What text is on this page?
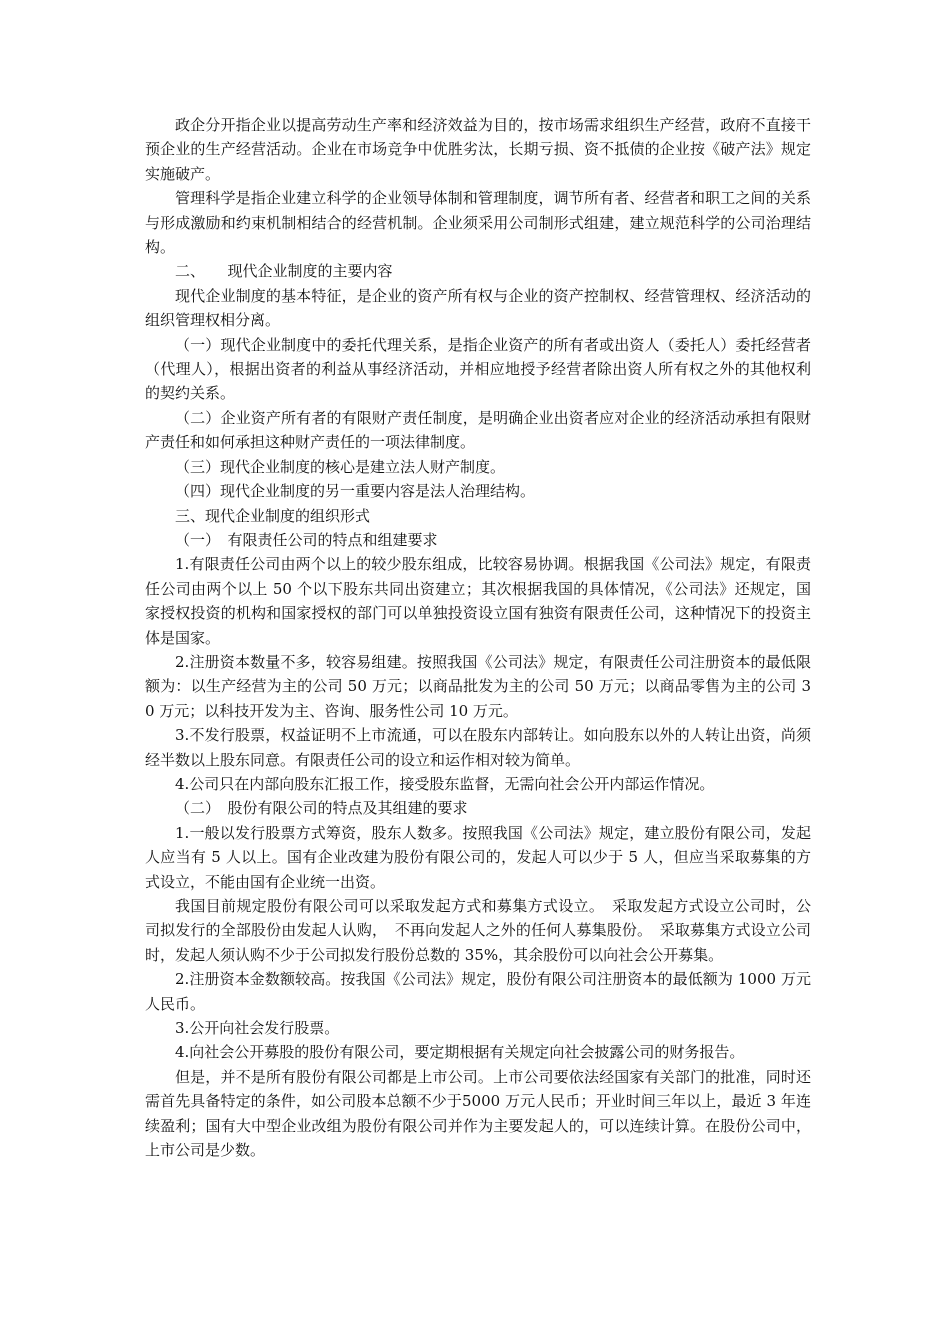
政企分开指企业以提高劳动生产率和经济效益为目的，按市场需求组织生产经营，政府不直接干预企业的生产经营活动。企业在市场竞争中优胜劣汰，长期亏损、资不抵债的企业按《破产法》规定实施破产。

管理科学是指企业建立科学的企业领导体制和管理制度，调节所有者、经营者和职工之间的关系与形成激励和约束机制相结合的经营机制。企业须采用公司制形式组建，建立规范科学的公司治理结构。

二、　　现代企业制度的主要内容

现代企业制度的基本特征，是企业的资产所有权与企业的资产控制权、经营管理权、经济活动的组织管理权相分离。

（一）现代企业制度中的委托代理关系，是指企业资产的所有者或出资人（委托人）委托经营者（代理人），根据出资者的利益从事经济活动，并相应地授予经营者除出资人所有权之外的其他权利的契约关系。

（二）企业资产所有者的有限财产责任制度，是明确企业出资者应对企业的经济活动承担有限财产责任和如何承担这种财产责任的一项法律制度。

（三）现代企业制度的核心是建立法人财产制度。

（四）现代企业制度的另一重要内容是法人治理结构。

三、现代企业制度的组织形式

（一）　有限责任公司的特点和组建要求

1.有限责任公司由两个以上的较少股东组成，比较容易协调。根据我国《公司法》规定，有限责任公司由两个以上 50 个以下股东共同出资建立；其次根据我国的具体情况，《公司法》还规定，国家授权投资的机构和国家授权的部门可以单独投资设立国有独资有限责任公司，这种情况下的投资主体是国家。

2.注册资本数量不多，较容易组建。按照我国《公司法》规定，有限责任公司注册资本的最低限额为：以生产经营为主的公司 50 万元；以商品批发为主的公司 50 万元；以商品零售为主的公司 30 万元；以科技开发为主、咨询、服务性公司 10 万元。

3.不发行股票，权益证明不上市流通，可以在股东内部转让。如向股东以外的人转让出资，尚须经半数以上股东同意。有限责任公司的设立和运作相对较为简单。

4.公司只在内部向股东汇报工作，接受股东监督，无需向社会公开内部运作情况。

（二）　股份有限公司的特点及其组建的要求

1.一般以发行股票方式筹资，股东人数多。按照我国《公司法》规定，建立股份有限公司，发起人应当有 5 人以上。国有企业改建为股份有限公司的，发起人可以少于 5 人，但应当采取募集的方式设立，不能由国有企业统一出资。

我国目前规定股份有限公司可以采取发起方式和募集方式设立。　采取发起方式设立公司时，公司拟发行的全部股份由发起人认购，　不再向发起人之外的任何人募集股份。　采取募集方式设立公司时，发起人须认购不少于公司拟发行股份总数的 35%，其余股份可以向社会公开募集。

2.注册资本金数额较高。按我国《公司法》规定，股份有限公司注册资本的最低额为 1000 万元人民币。

3.公开向社会发行股票。

4.向社会公开募股的股份有限公司，要定期根据有关规定向社会披露公司的财务报告。

但是，并不是所有股份有限公司都是上市公司。上市公司要依法经国家有关部门的批准，同时还需首先具备特定的条件，如公司股本总额不少于5000 万元人民币；开业时间三年以上，最近 3 年连续盈利；国有大中型企业改组为股份有限公司并作为主要发起人的，可以连续计算。在股份公司中，上市公司是少数。
